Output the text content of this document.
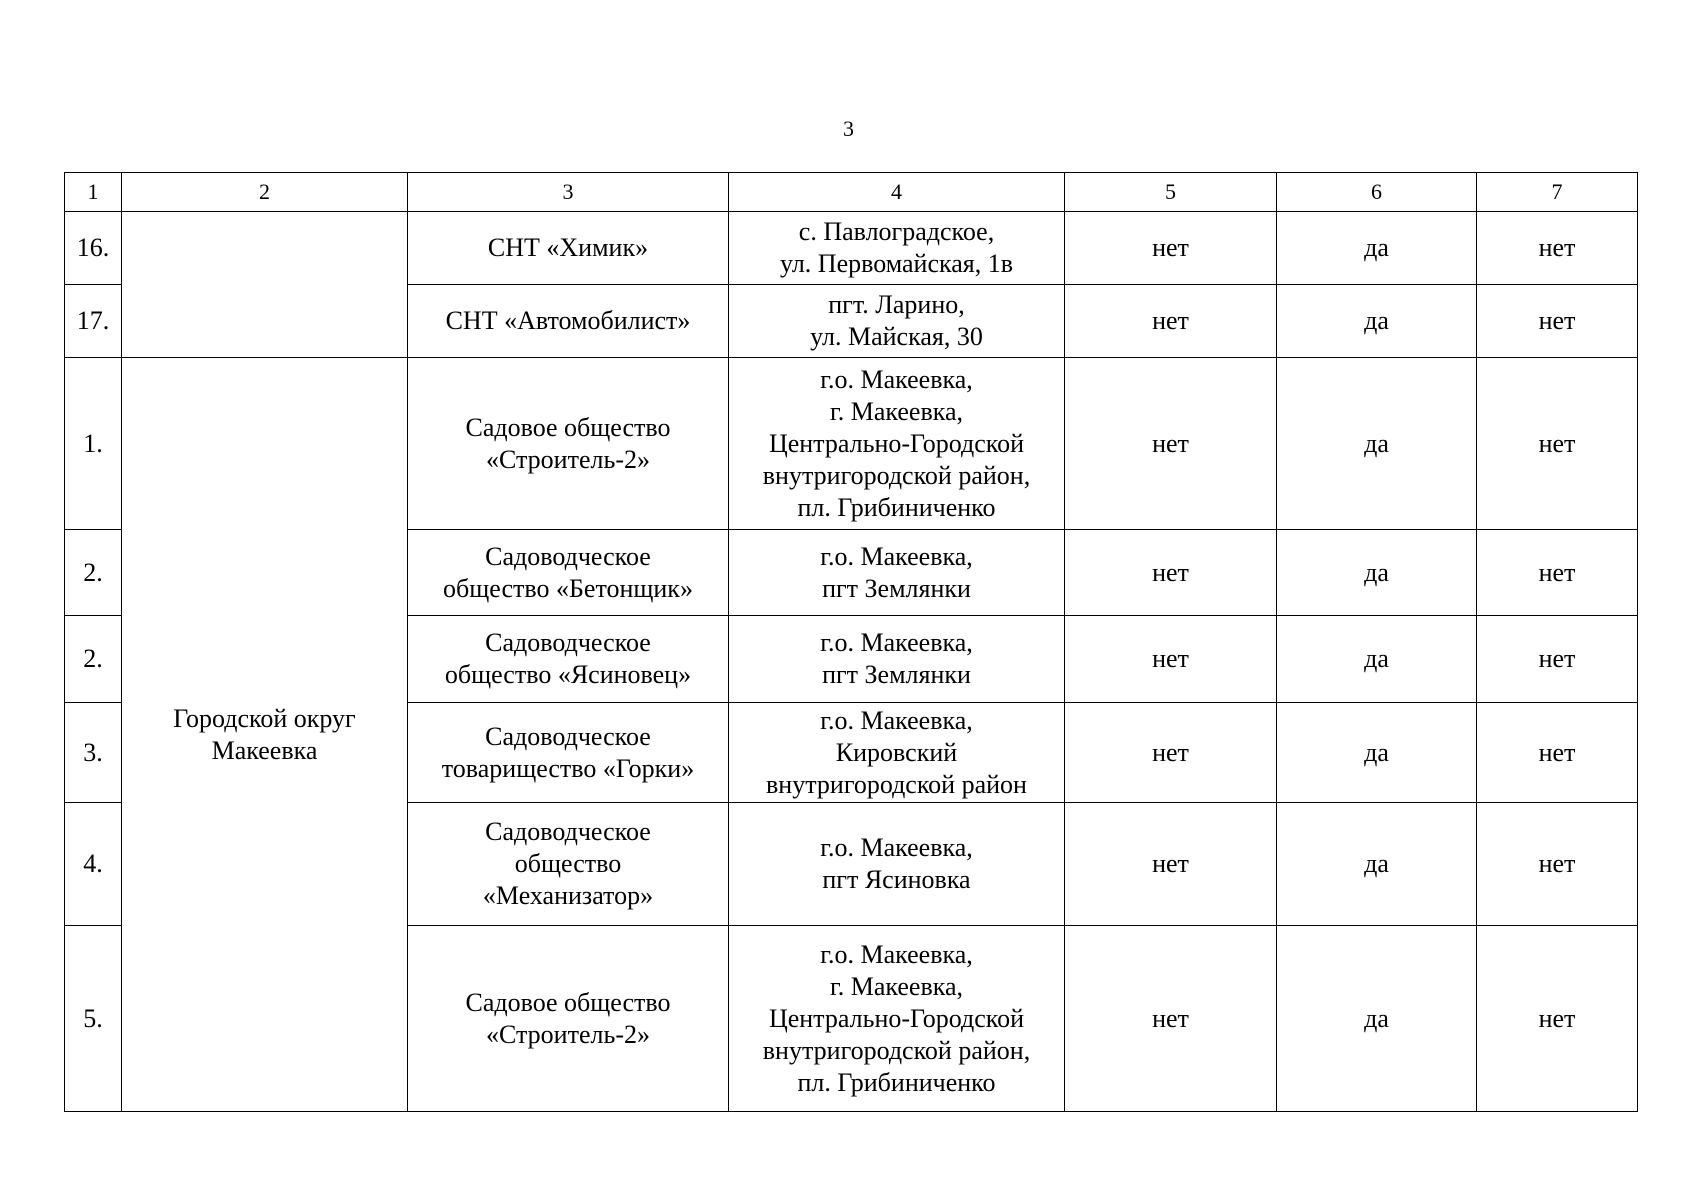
3
1	2	3	4	5	6	7
16.		СНТ «Химик»	с. Павлоградское,
ул. Первомайская, 1в	нет	да	нет
17.		СНТ «Автомобилист»	пгт. Ларино,
ул. Майская, 30	нет	да	нет
1.	Городской округ
Макеевка	Садовое общество
«Строитель-2»	г.о. Макеевка,
г. Макеевка,
Центрально-Городской
внутригородской район,
пл. Грибиниченко	нет	да	нет
2.		Садоводческое
общество «Бетонщик»	г.о. Макеевка,
пгт Землянки	нет	да	нет
2.		Садоводческое
общество «Ясиновец»	г.о. Макеевка,
пгт Землянки	нет	да	нет
3.		Садоводческое
товарищество «Горки»	г.о. Макеевка,
Кировский
внутригородской район	нет	да	нет
4.		Садоводческое
общество
«Механизатор»	г.о. Макеевка,
пгт Ясиновка	нет	да	нет
5.		Садовое общество
«Строитель-2»	г.о. Макеевка,
г. Макеевка,
Центрально-Городской
внутригородской район,
пл. Грибиниченко	нет	да	нет
